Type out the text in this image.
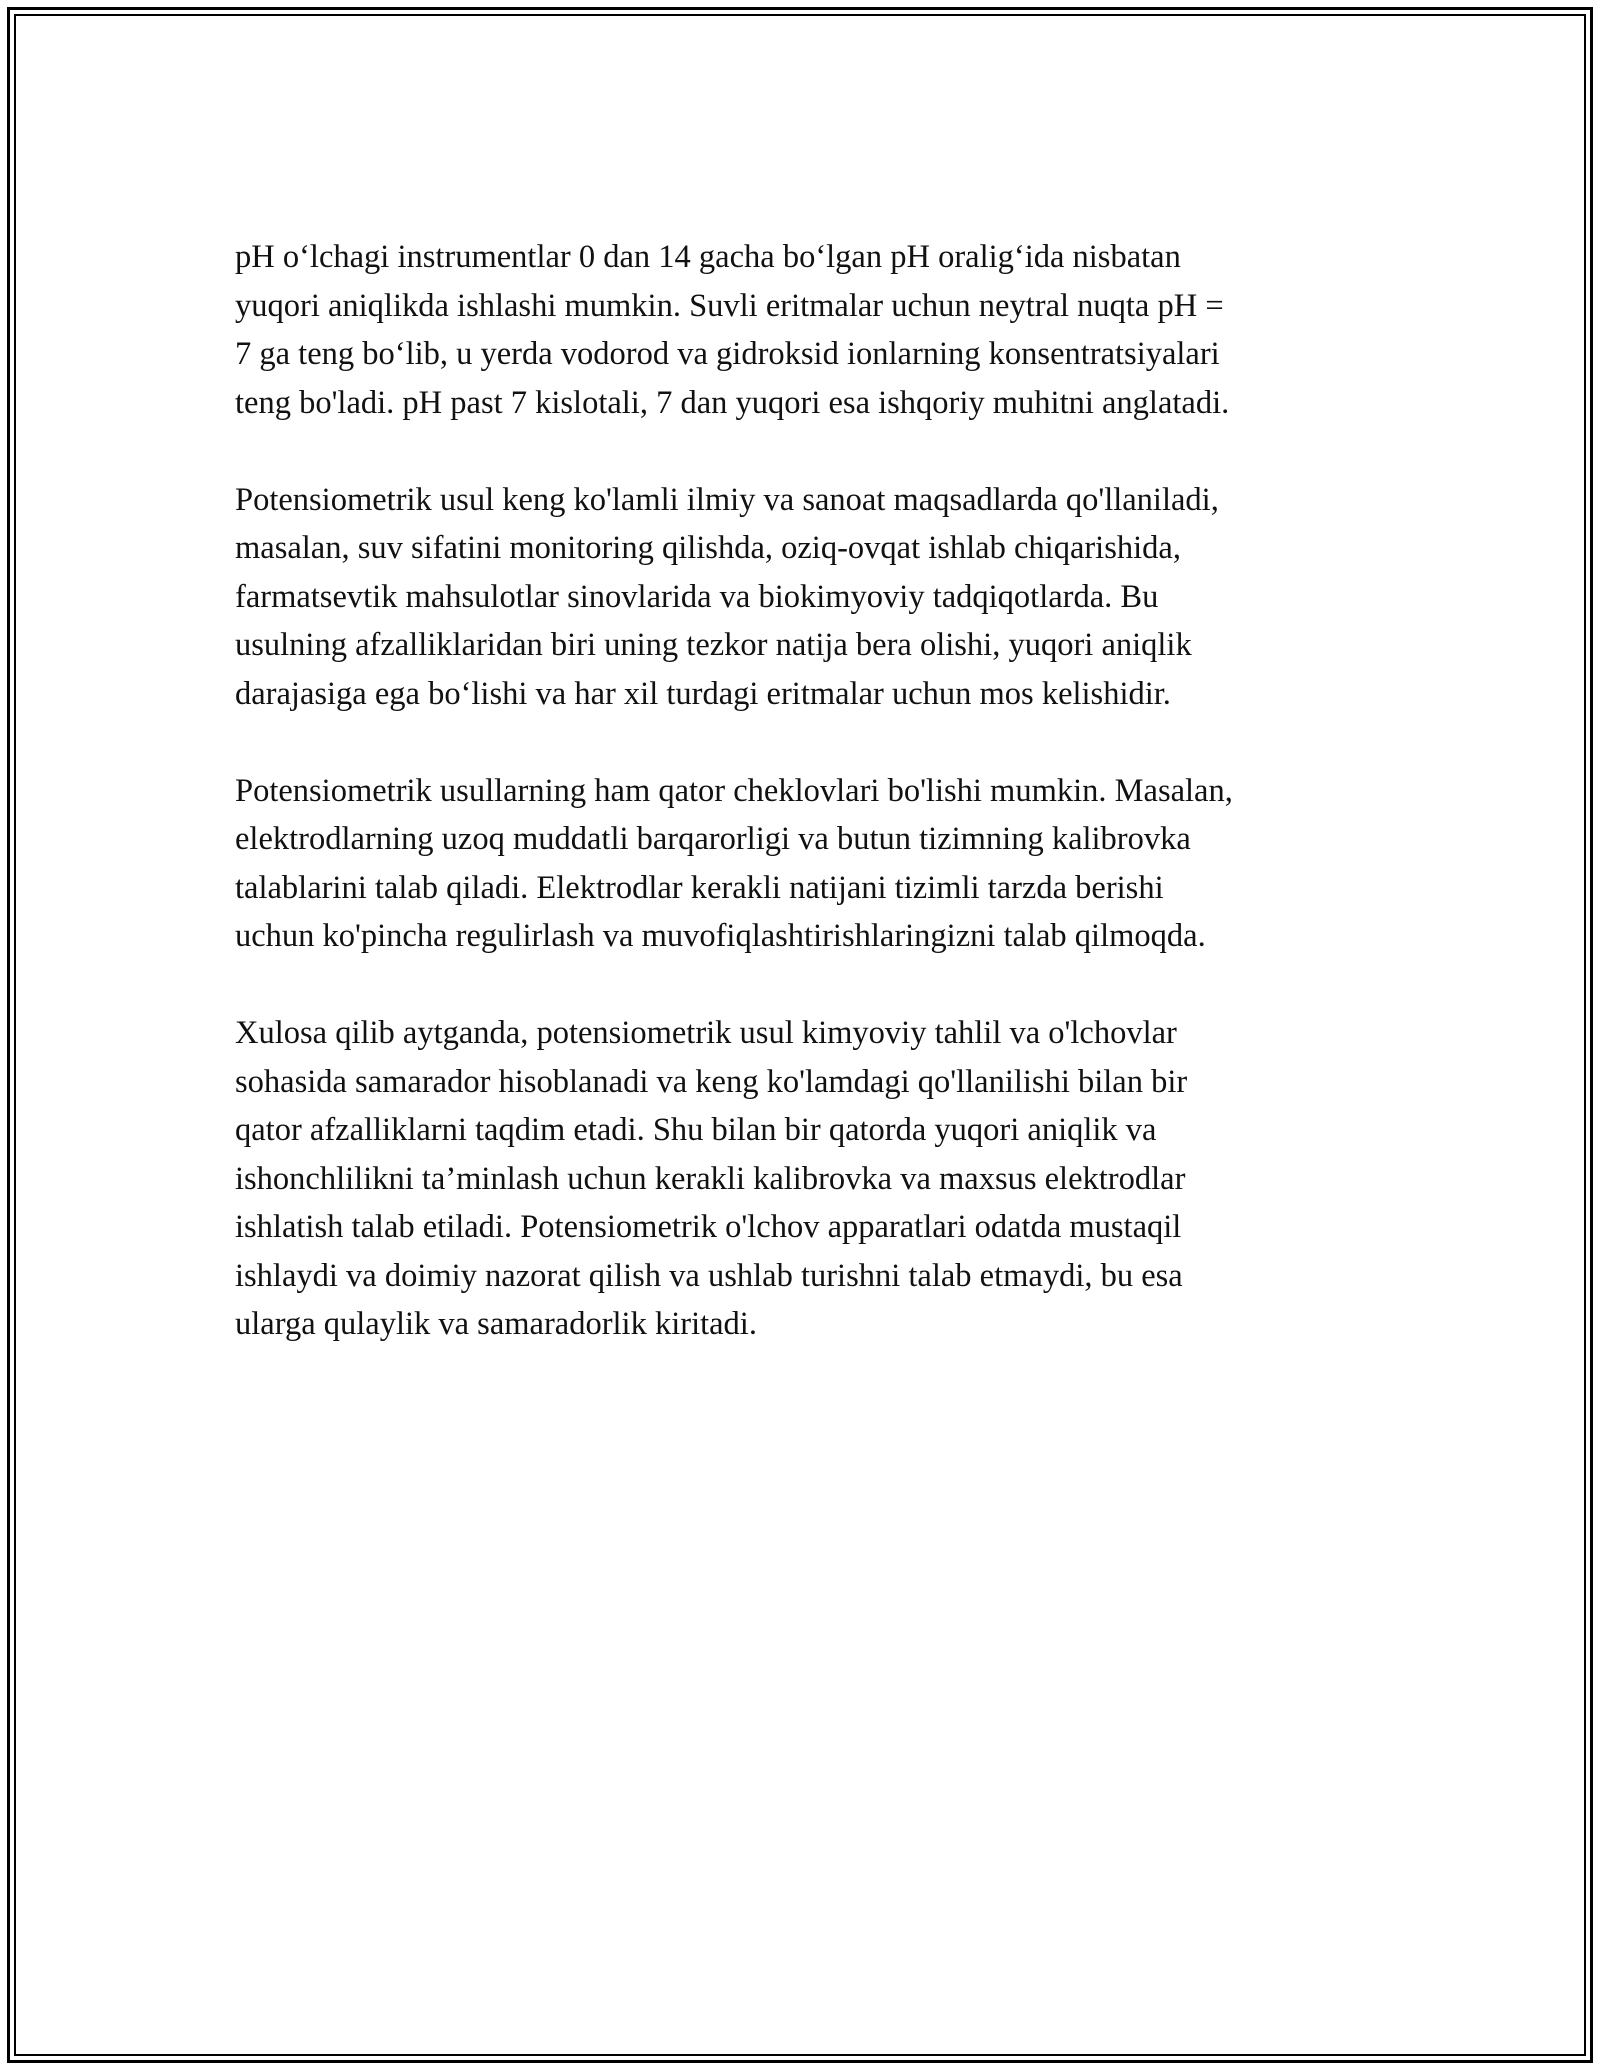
pH o‘lchagi instrumentlar 0 dan 14 gacha bo‘lgan pH oralig‘ida nisbatan
yuqori aniqlikda ishlashi mumkin. Suvli eritmalar uchun neytral nuqta pH =
7 ga teng bo‘lib, u yerda vodorod va gidroksid ionlarning konsentratsiyalari
teng bo'ladi. pH past 7 kislotali, 7 dan yuqori esa ishqoriy muhitni anglatadi.

Potensiometrik usul keng ko'lamli ilmiy va sanoat maqsadlarda qo'llaniladi,
masalan, suv sifatini monitoring qilishda, oziq-ovqat ishlab chiqarishida,
farmatsevtik mahsulotlar sinovlarida va biokimyoviy tadqiqotlarda. Bu
usulning afzalliklaridan biri uning tezkor natija bera olishi, yuqori aniqlik
darajasiga ega bo‘lishi va har xil turdagi eritmalar uchun mos kelishidir.

Potensiometrik usullarning ham qator cheklovlari bo'lishi mumkin. Masalan,
elektrodlarning uzoq muddatli barqarorligi va butun tizimning kalibrovka
talablarini talab qiladi. Elektrodlar kerakli natijani tizimli tarzda berishi
uchun ko'pincha regulirlash va muvofiqlashtirishlaringizni talab qilmoqda.

Xulosa qilib aytganda, potensiometrik usul kimyoviy tahlil va o'lchovlar
sohasida samarador hisoblanadi va keng ko'lamdagi qo'llanilishi bilan bir
qator afzalliklarni taqdim etadi. Shu bilan bir qatorda yuqori aniqlik va
ishonchlilikni ta’minlash uchun kerakli kalibrovka va maxsus elektrodlar
ishlatish talab etiladi. Potensiometrik o'lchov apparatlari odatda mustaqil
ishlaydi va doimiy nazorat qilish va ushlab turishni talab etmaydi, bu esa
ularga qulaylik va samaradorlik kiritadi.
